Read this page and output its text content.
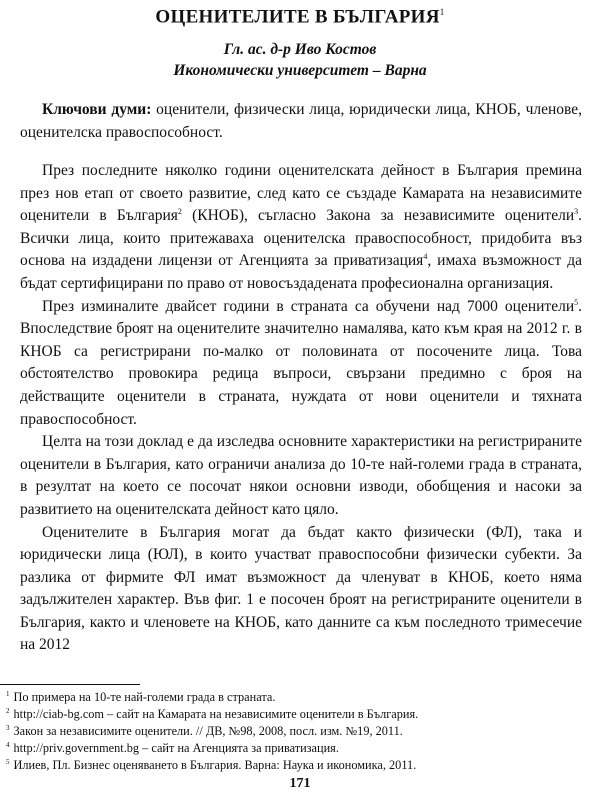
ОЦЕНИТЕЛИТЕ В БЪЛГАРИЯ$^1$
Гл. ас. д-р Иво Костов
Икономически университет – Варна
Ключови думи: оценители, физически лица, юридически лица, КНОБ, членове, оценителска правоспособност.

През последните няколко години оценителската дейност в България премина през нов етап от своето развитие, след като се създаде Камарата на независимите оценители в България$^2$ (КНОБ), съгласно Закона за независимите оценители$^3$. Всички лица, които притежаваха оценителска правоспособност, придобита въз основа на издадени лицензи от Агенцията за приватизация$^4$, имаха възможност да бъдат сертифицирани по право от новосъздадената професионална организация.

През изминалите двайсет години в страната са обучени над 7000 оценители$^5$. Впоследствие броят на оценителите значително намалява, като към края на 2012 г. в КНОБ са регистрирани по-малко от половината от посочените лица. Това обстоятелство провокира редица въпроси, свързани предимно с броя на действащите оценители в страната, нуждата от нови оценители и тяхната правоспособност.

Целта на този доклад е да изследва основните характеристики на регистрираните оценители в България, като ограничи анализа до 10-те най-големи града в страната, в резултат на което се посочат някои основни изводи, обобщения и насоки за развитието на оценителската дейност като цяло.

Оценителите в България могат да бъдат както физически (ФЛ), така и юридически лица (ЮЛ), в които участват правоспособни физически субекти. За разлика от фирмите ФЛ имат възможност да членуват в КНОБ, което няма задължителен характер. Във фиг. 1 е посочен броят на регистрираните оценители в България, както и членовете на КНОБ, като данните са към последното тримесечие на 2012

$^1$ По примера на 10-те най-големи града в страната.
$^2$ http://ciab-bg.com – сайт на Камарата на независимите оценители в България.
$^3$ Закон за независимите оценители. // ДВ, №98, 2008, посл. изм. №19, 2011.
$^4$ http://priv.government.bg – сайт на Агенцията за приватизация.
$^5$ Илиев, Пл. Бизнес оценяването в България. Варна: Наука и икономика, 2011.
171
